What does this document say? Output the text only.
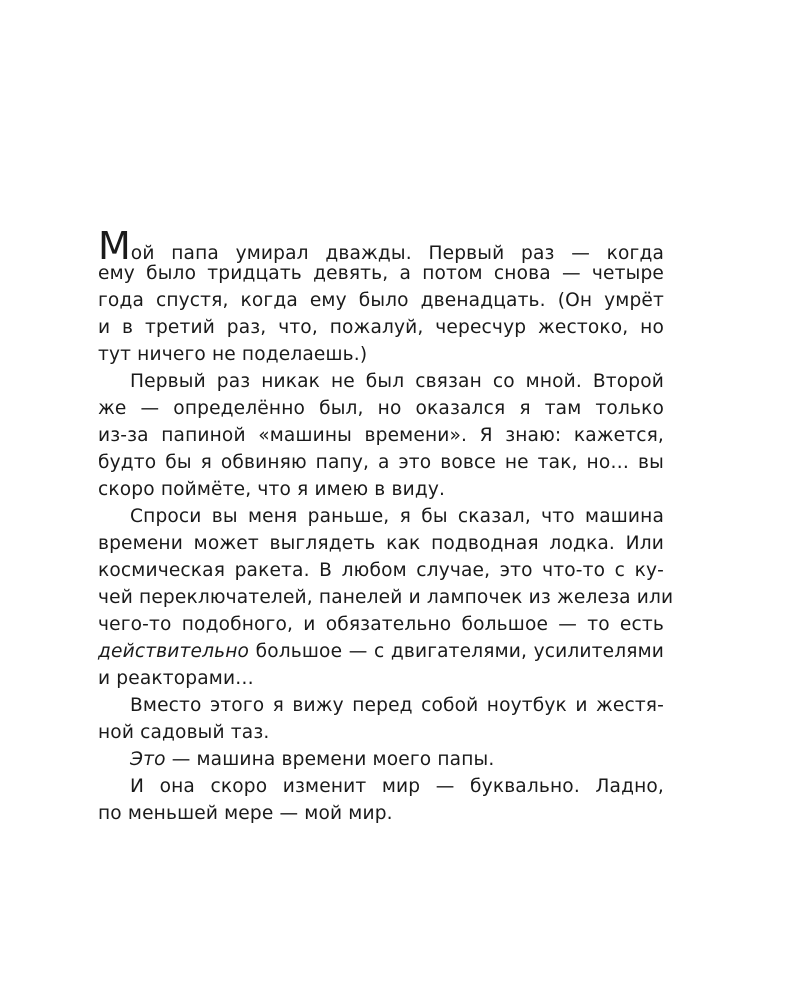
Мой папа умирал дважды. Первый раз — когда
ему было тридцать девять, а потом снова — четыре
года спустя, когда ему было двенадцать. (Он умрёт
и в третий раз, что, пожалуй, чересчур жестоко, но
тут ничего не поделаешь.)
Первый раз никак не был связан со мной. Второй
же — определённо был, но оказался я там только
из-за папиной «машины времени». Я знаю: кажется,
будто бы я обвиняю папу, а это вовсе не так, но… вы
скоро поймёте, что я имею в виду.
Спроси вы меня раньше, я бы сказал, что машина
времени может выглядеть как подводная лодка. Или
космическая ракета. В любом случае, это что-то с ку-
чей переключателей, панелей и лампочек из железа или
чего-то подобного, и обязательно большое — то есть
действительно большое — с двигателями, усилителями
и реакторами…
Вместо этого я вижу перед собой ноутбук и жестя-
ной садовый таз.
Это — машина времени моего папы.
И она скоро изменит мир — буквально. Ладно,
по меньшей мере — мой мир.
